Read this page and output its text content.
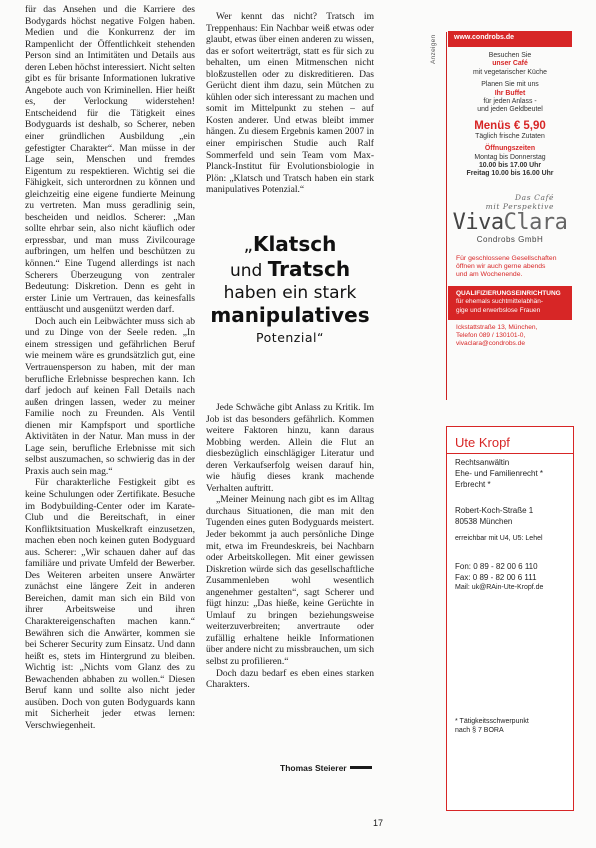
für das Ansehen und die Karriere des Bodygards höchst negative Folgen haben. Medien und die Konkurrenz der im Rampenlicht der Öffentlichkeit stehenden Person sind an Intimitäten und Details aus deren Leben höchst interessiert. Nicht selten gibt es für brisante Informationen lukrative Angebote auch von Kriminellen. Hier heißt es, der Verlockung widerstehen! Entscheidend für die Tätigkeit eines Bodyguards ist deshalb, so Scherer, neben einer gründlichen Ausbildung „ein gefestigter Charakter“. Man müsse in der Lage sein, Menschen und fremdes Eigentum zu respektieren. Wichtig sei die Fähigkeit, sich unterordnen zu können und gleichzeitig eine eigene fundierte Meinung zu vertreten. Man muss geradlinig sein, bescheiden und neidlos. Scherer: „Man sollte ehrbar sein, also nicht käuflich oder erpressbar, und man muss Zivilcourage aufbringen, um helfen und beschützen zu können.“ Eine Tugend allerdings ist nach Scherers Überzeugung von zentraler Bedeutung: Diskretion. Denn es geht in erster Linie um Vertrauen, das keinesfalls enttäuscht und ausgenützt werden darf.

Doch auch ein Leibwächter muss sich ab und zu Dinge von der Seele reden. „In einem stressigen und gefährlichen Beruf wie meinem wäre es grundsätzlich gut, eine Vertrauensperson zu haben, mit der man berufliche Erlebnisse besprechen kann. Ich darf jedoch auf keinen Fall Details nach außen dringen lassen, weder zu meiner Familie noch zu Freunden. Als Ventil dienen mir Kampfsport und sportliche Aktivitäten in der Natur. Man muss in der Lage sein, berufliche Erlebnisse mit sich selbst auszumachen, so schwierig das in der Praxis auch sein mag.“

Für charakterliche Festigkeit gibt es keine Schulungen oder Zertifikate. Besuche im Bodybuilding-Center oder im Karate-Club und die Bereitschaft, in einer Konfliktsituation Muskelkraft einzusetzen, machen eben noch keinen guten Bodyguard aus. Scherer: „Wir schauen daher auf das familiäre und private Umfeld der Bewerber. Des Weiteren arbeiten unsere Anwärter zunächst eine längere Zeit in anderen Bereichen, damit man sich ein Bild von ihrer Arbeitsweise und ihren Charaktereigenschaften machen kann.“ Bewähren sich die Anwärter, kommen sie bei Scherer Security zum Einsatz. Und dann heißt es, stets im Hintergrund zu bleiben. Wichtig ist: „Nichts vom Glanz des zu Bewachenden abhaben zu wollen.“ Diesen Beruf kann und sollte also nicht jeder ausüben. Doch von guten Bodyguards kann mit Sicherheit jeder etwas lernen: Verschwiegenheit.

Wer kennt das nicht? Tratsch im Treppenhaus: Ein Nachbar weiß etwas oder glaubt, etwas über einen anderen zu wissen, das er sofort weiterträgt, statt es für sich zu behalten, um einen Mitmenschen nicht bloßzustellen oder zu diskreditieren. Das Gerücht dient ihm dazu, sein Mütchen zu kühlen oder sich interessant zu machen und somit im Mittelpunkt zu stehen – auf Kosten anderer. Und etwas bleibt immer hängen. Zu diesem Ergebnis kamen 2007 in einer empirischen Studie auch Ralf Sommerfeld und sein Team vom Max-Planck-Institut für Evolutionsbiologie in Plön: „Klatsch und Tratsch haben ein stark manipulatives Potenzial.“

„Klatsch
und Tratsch
haben ein stark
manipulatives
Potenzial“

Jede Schwäche gibt Anlass zu Kritik. Im Job ist das besonders gefährlich. Kommen weitere Faktoren hinzu, kann daraus Mobbing werden. Allein die Flut an diesbezüglich einschlägiger Literatur und deren Verkaufserfolg weisen darauf hin, wie häufig dieses krank machende Verhalten auftritt.

„Meiner Meinung nach gibt es im Alltag durchaus Situationen, die man mit den Tugenden eines guten Bodyguards meistert. Jeder bekommt ja auch persönliche Dinge mit, etwa im Freundeskreis, bei Nachbarn oder Arbeitskollegen. Mit einer gewissen Diskretion würde sich das gesellschaftliche Zusammenleben wohl wesentlich angenehmer gestalten“, sagt Scherer und fügt hinzu: „Das hieße, keine Gerüchte in Umlauf zu bringen beziehungsweise weiterzuverbreiten; anvertraute oder zufällig erhaltene heikle Informationen über andere nicht zu missbrauchen, um sich selbst zu profilieren.“

Doch dazu bedarf es eben eines starken Charakters.

Thomas Steierer
17
Anzeigen	www.condrobs.de
Besuchen Sie
unser Café
mit vegetarischer Küche
Planen Sie mit uns
Ihr Buffet
für jeden Anlass -
und jeden Geldbeutel
Menüs € 5,90
Täglich frische Zutaten
Öffnungszeiten
Montag bis Donnerstag
10.00 bis 17.00 Uhr
Freitag 10.00 bis 16.00 Uhr
Das Café
mit Perspektive
VivaClara
Condrobs GmbH
Für geschlossene Gesellschaften
öffnen wir auch gerne abends
und am Wochenende.
QUALIFIZIERUNGSEINRICHTUNG
für ehemals suchtmittelabhän-
gige und erwerbslose Frauen
Ickstattstraße 13, München,
Telefon 089 / 130101-0,
vivaclara@condrobs.de
Ute Kropf
Rechtsanwältin
Ehe- und Familienrecht *
Erbrecht *
Robert-Koch-Straße 1
80538 München
erreichbar mit U4, U5: Lehel
Fon: 0 89 - 82 00 6 110
Fax: 0 89 - 82 00 6 111
Mail: uk@RAin-Ute-Kropf.de
* Tätigkeitsschwerpunkt
nach § 7 BORA
